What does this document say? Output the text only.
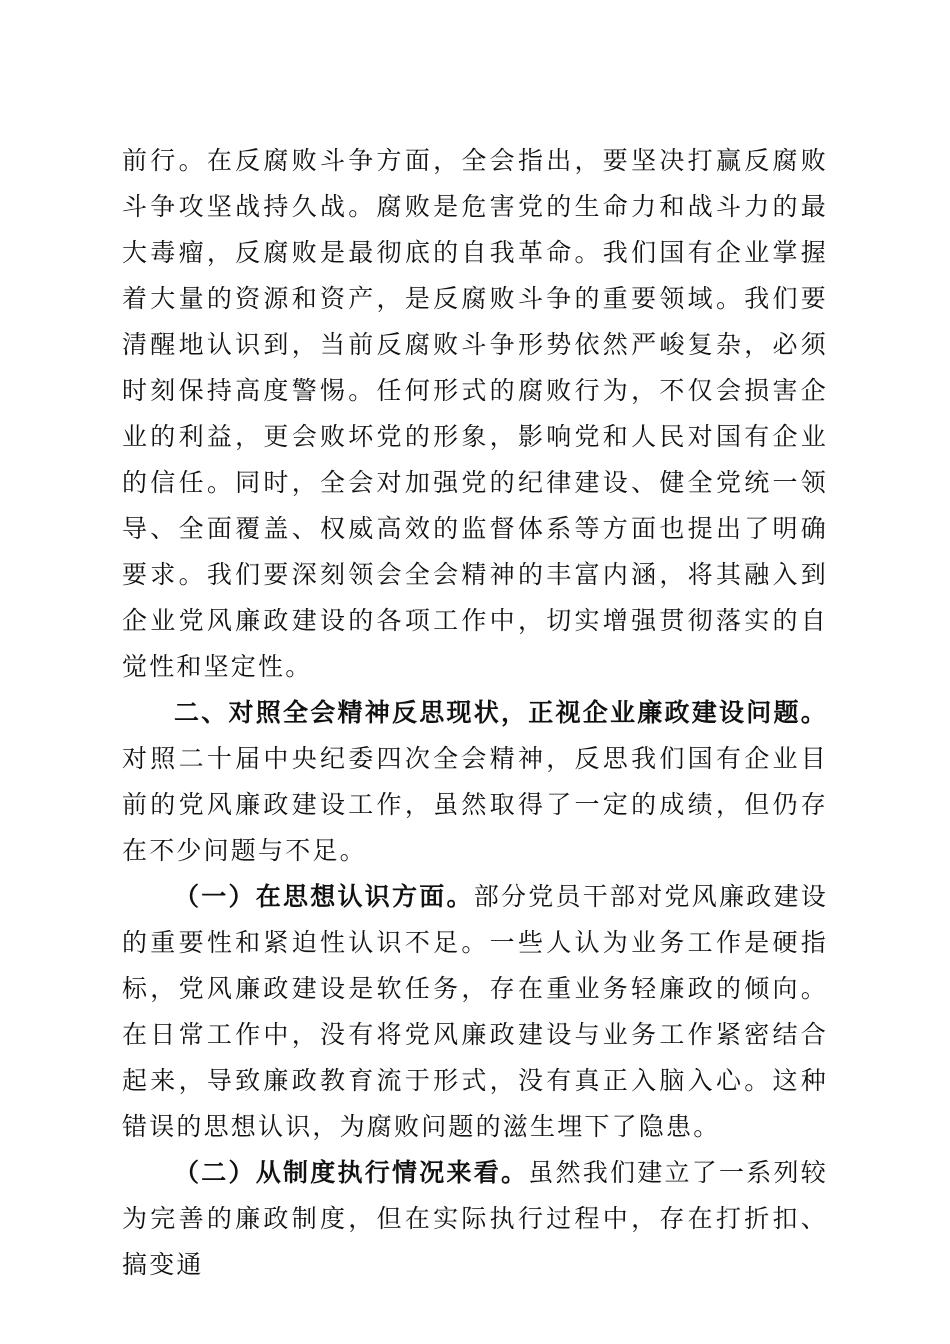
前行。在反腐败斗争方面，全会指出，要坚决打赢反腐败斗争攻坚战持久战。腐败是危害党的生命力和战斗力的最大毒瘤，反腐败是最彻底的自我革命。我们国有企业掌握着大量的资源和资产，是反腐败斗争的重要领域。我们要清醒地认识到，当前反腐败斗争形势依然严峻复杂，必须时刻保持高度警惕。任何形式的腐败行为，不仅会损害企业的利益，更会败坏党的形象，影响党和人民对国有企业的信任。同时，全会对加强党的纪律建设、健全党统一领导、全面覆盖、权威高效的监督体系等方面也提出了明确要求。我们要深刻领会全会精神的丰富内涵，将其融入到企业党风廉政建设的各项工作中，切实增强贯彻落实的自觉性和坚定性。

二、对照全会精神反思现状，正视企业廉政建设问题。对照二十届中央纪委四次全会精神，反思我们国有企业目前的党风廉政建设工作，虽然取得了一定的成绩，但仍存在不少问题与不足。

（一）在思想认识方面。部分党员干部对党风廉政建设的重要性和紧迫性认识不足。一些人认为业务工作是硬指标，党风廉政建设是软任务，存在重业务轻廉政的倾向。在日常工作中，没有将党风廉政建设与业务工作紧密结合起来，导致廉政教育流于形式，没有真正入脑入心。这种错误的思想认识，为腐败问题的滋生埋下了隐患。

（二）从制度执行情况来看。虽然我们建立了一系列较为完善的廉政制度，但在实际执行过程中，存在打折扣、搞变通
